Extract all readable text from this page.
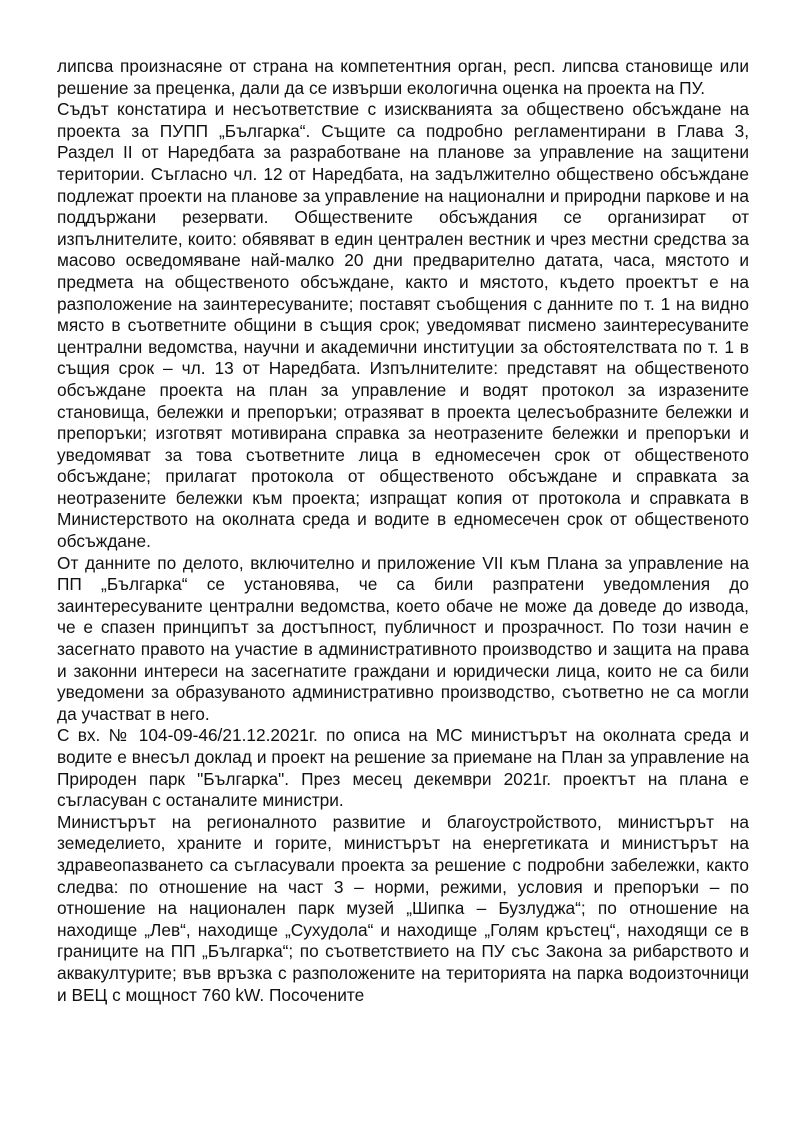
липсва произнасяне от страна на компетентния орган, респ. липсва становище или решение за преценка, дали да се извърши екологична оценка на проекта на ПУ.

Съдът констатира и несъответствие с изискванията за обществено обсъждане на проекта за ПУПП „Българка“. Същите са подробно регламентирани в Глава 3, Раздел II от Наредбата за разработване на планове за управление на защитени територии. Съгласно чл. 12 от Наредбата, на задължително обществено обсъждане подлежат проекти на планове за управление на национални и природни паркове и на поддържани резервати. Обществените обсъждания се организират от изпълнителите, които: обявяват в един централен вестник и чрез местни средства за масово осведомяване най-малко 20 дни предварително датата, часа, мястото и предмета на общественото обсъждане, както и мястото, където проектът е на разположение на заинтересуваните; поставят съобщения с данните по т. 1 на видно място в съответните общини в същия срок; уведомяват писмено заинтересуваните централни ведомства, научни и академични институции за обстоятелствата по т. 1 в същия срок – чл. 13 от Наредбата. Изпълнителите: представят на общественото обсъждане проекта на план за управление и водят протокол за изразените становища, бележки и препоръки; отразяват в проекта целесъобразните бележки и препоръки; изготвят мотивирана справка за неотразените бележки и препоръки и уведомяват за това съответните лица в едномесечен срок от общественото обсъждане; прилагат протокола от общественото обсъждане и справката за неотразените бележки към проекта; изпращат копия от протокола и справката в Министерството на околната среда и водите в едномесечен срок от общественото обсъждане.

От данните по делото, включително и приложение VII към Плана за управление на ПП „Българка“ се установява, че са били разпратени уведомления до заинтересуваните централни ведомства, което обаче не може да доведе до извода, че е спазен принципът за достъпност, публичност и прозрачност. По този начин е засегнато правото на участие в административното производство и защита на права и законни интереси на засегнатите граждани и юридически лица, които не са били уведомени за образуваното административно производство, съответно не са могли да участват в него.

С вх. № 104-09-46/21.12.2021г. по описа на МС министърът на околната среда и водите е внесъл доклад и проект на решение за приемане на План за управление на Природен парк "Българка". През месец декември 2021г. проектът на плана е съгласуван с останалите министри.

Министърът на регионалното развитие и благоустройството, министърът на земеделието, храните и горите, министърът на енергетиката и министърът на здравеопазването са съгласували проекта за решение с подробни забележки, както следва: по отношение на част 3 – норми, режими, условия и препоръки – по отношение на национален парк музей „Шипка – Бузлуджа“; по отношение на находище „Лев“, находище „Сухудола“ и находище „Голям кръстец“, находящи се в границите на ПП „Българка“; по съответствието на ПУ със Закона за рибарството и аквакултурите; във връзка с разположените на територията на парка водоизточници и ВЕЦ с мощност 760 kW. Посочените
